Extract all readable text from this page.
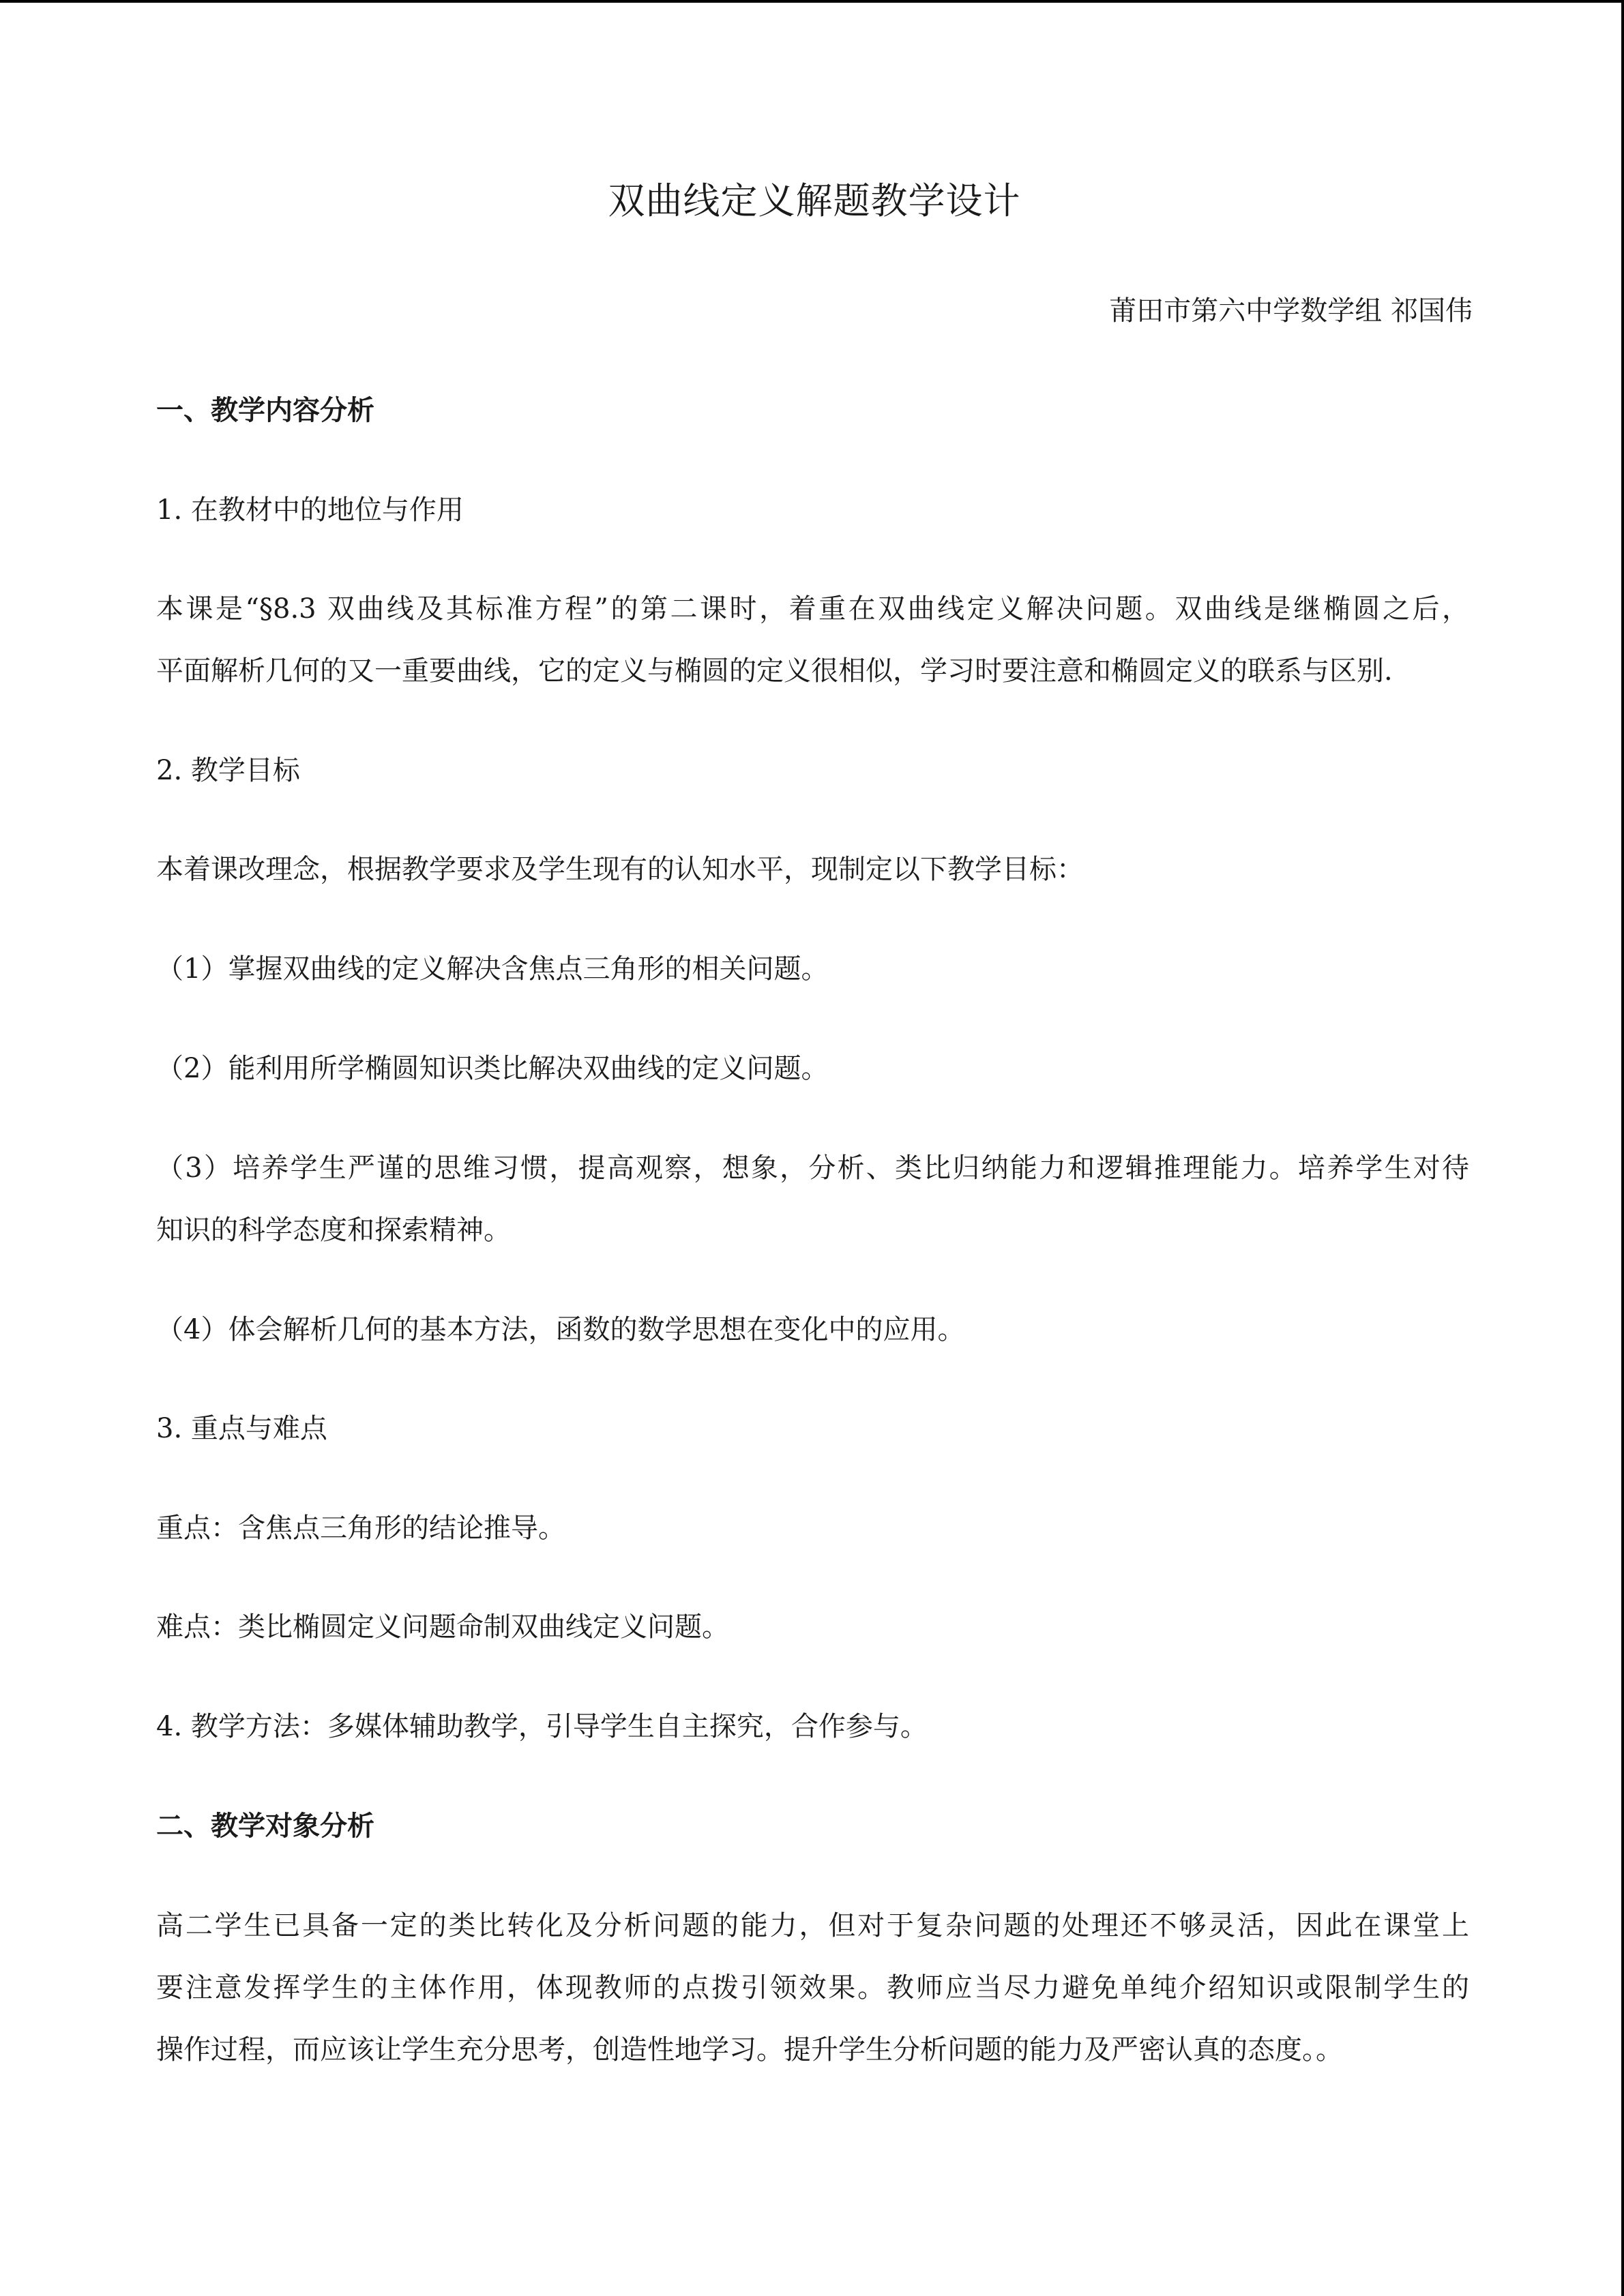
双曲线定义解题教学设计

莆田市第六中学数学组 祁国伟

一、教学内容分析

1. 在教材中的地位与作用

本课是“§8.3 双曲线及其标准方程”的第二课时，着重在双曲线定义解决问题。双曲线是继椭圆之后，

平面解析几何的又一重要曲线，它的定义与椭圆的定义很相似，学习时要注意和椭圆定义的联系与区别.

2. 教学目标

本着课改理念，根据教学要求及学生现有的认知水平，现制定以下教学目标：

（1）掌握双曲线的定义解决含焦点三角形的相关问题。

（2）能利用所学椭圆知识类比解决双曲线的定义问题。

（3）培养学生严谨的思维习惯，提高观察，想象，分析、类比归纳能力和逻辑推理能力。培养学生对待

知识的科学态度和探索精神。

（4）体会解析几何的基本方法，函数的数学思想在变化中的应用。

3. 重点与难点

重点：含焦点三角形的结论推导。

难点：类比椭圆定义问题命制双曲线定义问题。

4. 教学方法：多媒体辅助教学，引导学生自主探究，合作参与。

二、教学对象分析

高二学生已具备一定的类比转化及分析问题的能力，但对于复杂问题的处理还不够灵活，因此在课堂上

要注意发挥学生的主体作用，体现教师的点拨引领效果。教师应当尽力避免单纯介绍知识或限制学生的

操作过程，而应该让学生充分思考，创造性地学习。提升学生分析问题的能力及严密认真的态度。。
